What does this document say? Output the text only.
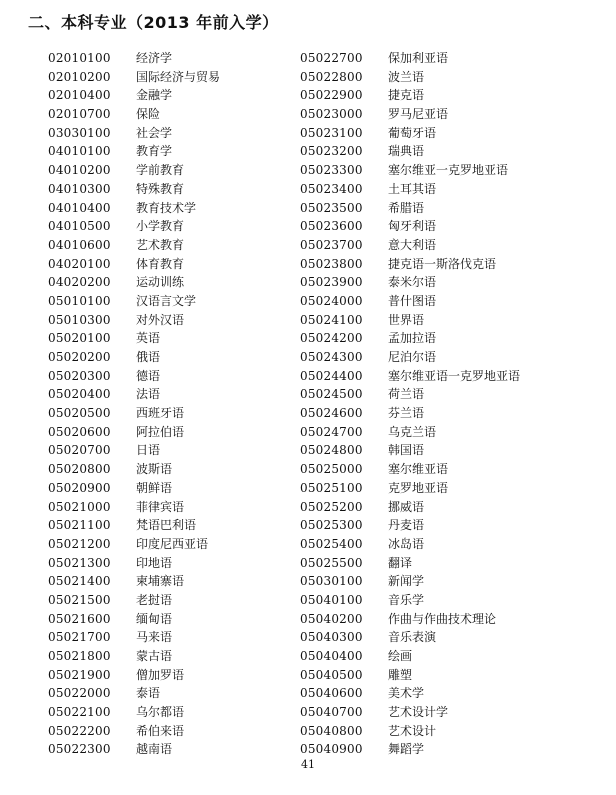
二、本科专业（2013 年前入学）
02010100 经济学
02010200 国际经济与贸易
02010400 金融学
02010700 保险
03030100 社会学
04010100 教育学
04010200 学前教育
04010300 特殊教育
04010400 教育技术学
04010500 小学教育
04010600 艺术教育
04020100 体育教育
04020200 运动训练
05010100 汉语言文学
05010300 对外汉语
05020100 英语
05020200 俄语
05020300 德语
05020400 法语
05020500 西班牙语
05020600 阿拉伯语
05020700 日语
05020800 波斯语
05020900 朝鲜语
05021000 菲律宾语
05021100 梵语巴利语
05021200 印度尼西亚语
05021300 印地语
05021400 柬埔寨语
05021500 老挝语
05021600 缅甸语
05021700 马来语
05021800 蒙古语
05021900 僧加罗语
05022000 泰语
05022100 乌尔都语
05022200 希伯来语
05022300 越南语
05022700 保加利亚语
05022800 波兰语
05022900 捷克语
05023000 罗马尼亚语
05023100 葡萄牙语
05023200 瑞典语
05023300 塞尔维亚一克罗地亚语
05023400 土耳其语
05023500 希腊语
05023600 匈牙利语
05023700 意大利语
05023800 捷克语一斯洛伐克语
05023900 泰米尔语
05024000 普什图语
05024100 世界语
05024200 孟加拉语
05024300 尼泊尔语
05024400 塞尔维亚语一克罗地亚语
05024500 荷兰语
05024600 芬兰语
05024700 乌克兰语
05024800 韩国语
05025000 塞尔维亚语
05025100 克罗地亚语
05025200 挪威语
05025300 丹麦语
05025400 冰岛语
05025500 翻译
05030100 新闻学
05040100 音乐学
05040200 作曲与作曲技术理论
05040300 音乐表演
05040400 绘画
05040500 雕塑
05040600 美术学
05040700 艺术设计学
05040800 艺术设计
05040900 舞蹈学
41
